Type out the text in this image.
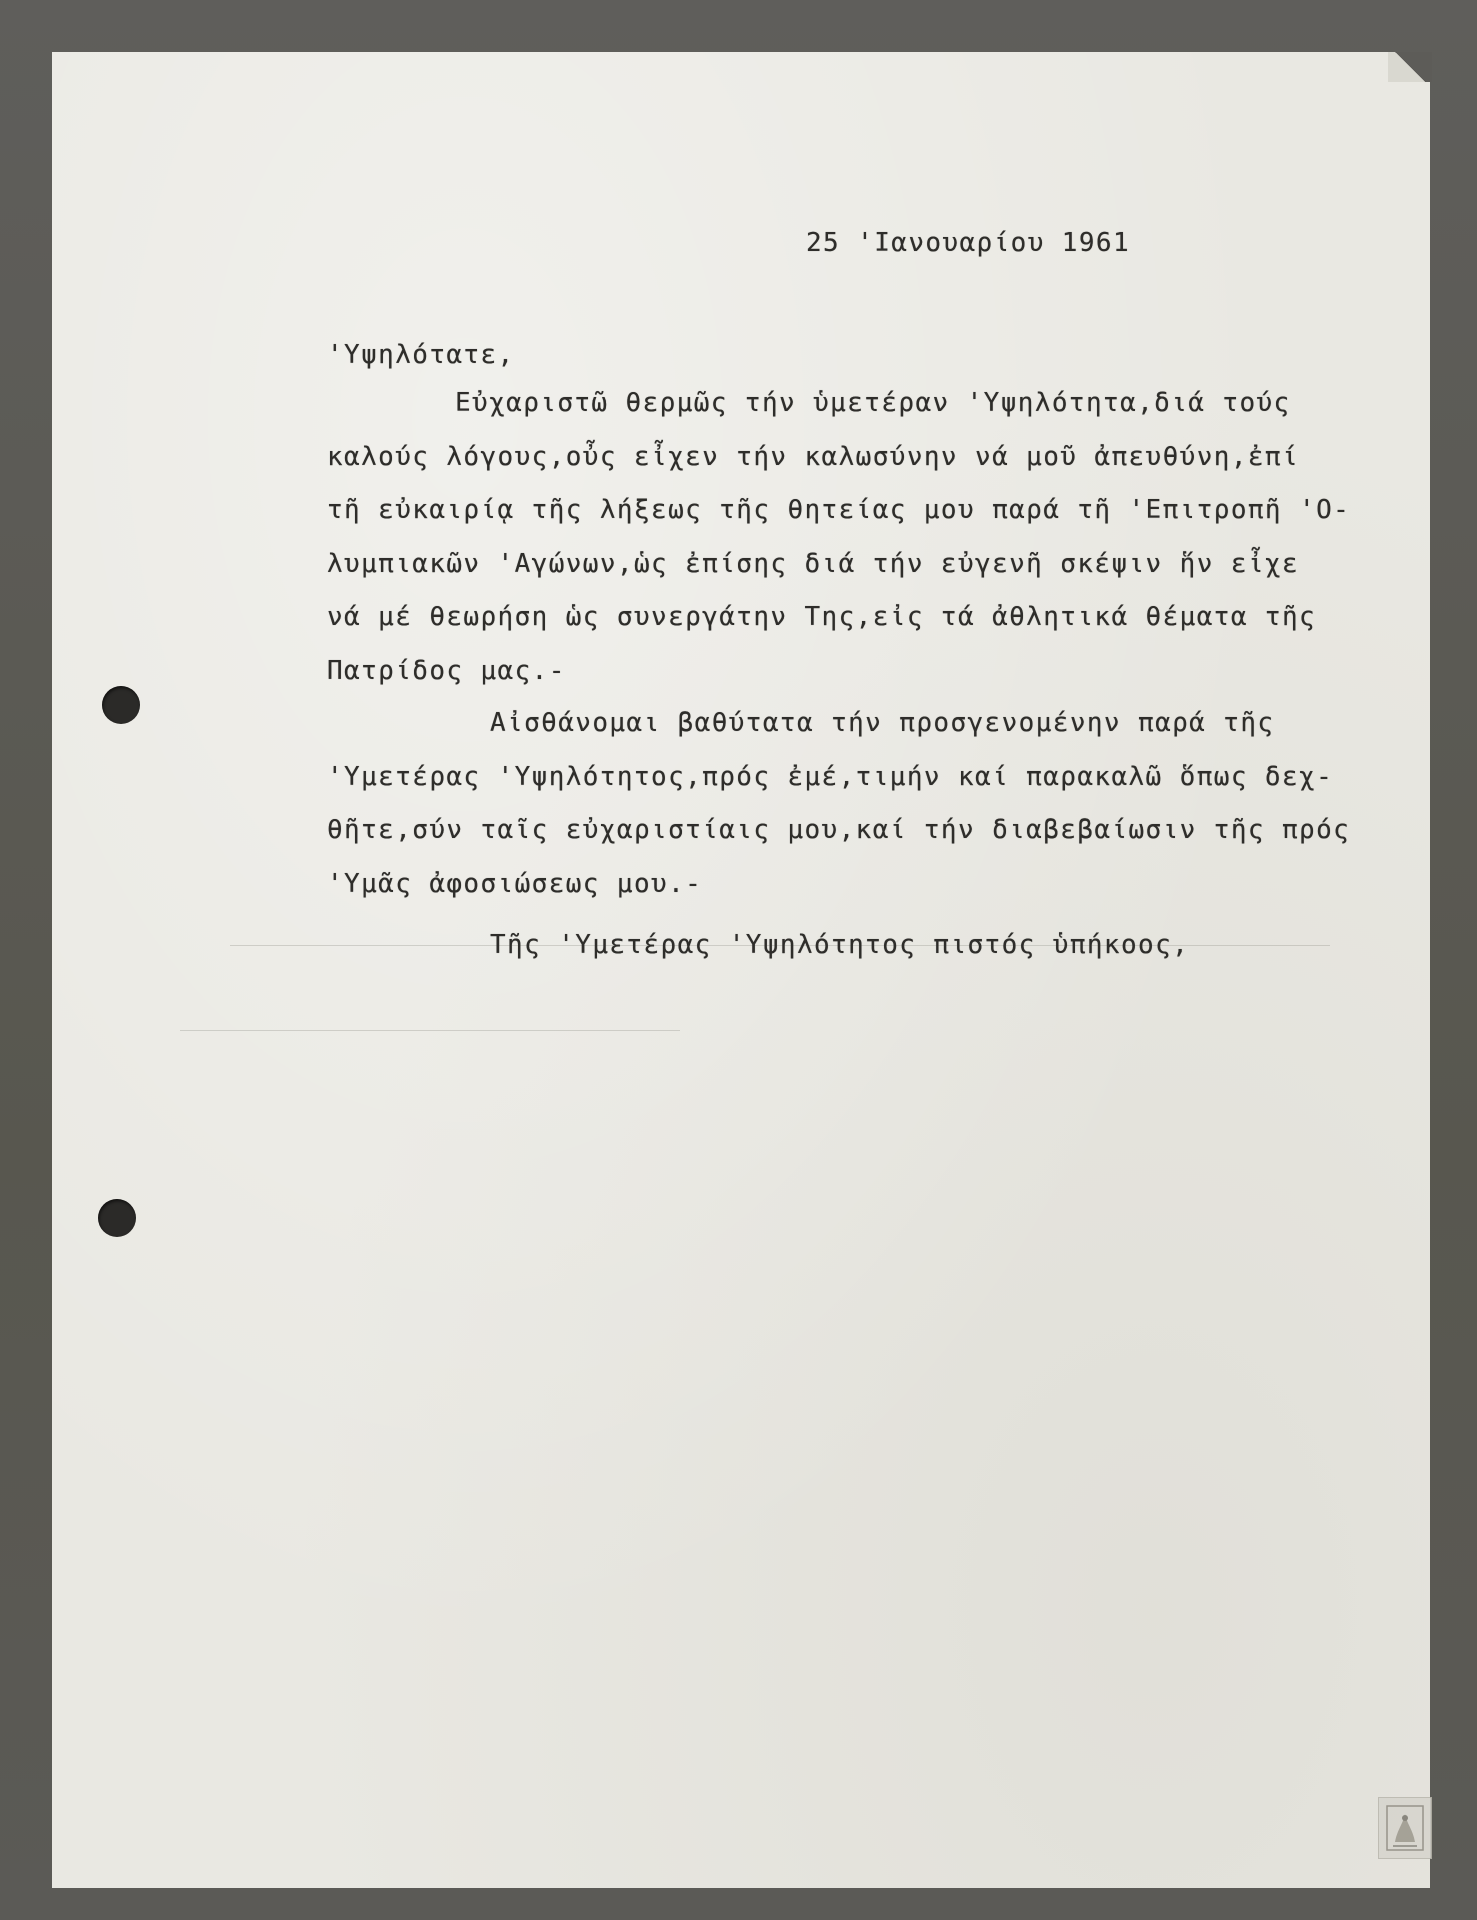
25 'Ιανουαρίου 1961
'Υψηλότατε,
Εὐχαριστῶ θερμῶς τήν ὑμετέραν 'Υψηλότητα,διά τούς
καλούς λόγους,οὖς εἶχεν τήν καλωσύνην νά μοῦ ἀπευθύνη,ἐπί
τῆ εὐκαιρίᾳ τῆς λήξεως τῆς θητείας μου παρά τῆ 'Επιτροπῆ 'Ο-
λυμπιακῶν 'Αγώνων,ὡς ἐπίσης διά τήν εὐγενῆ σκέψιν ἥν εἶχε
νά μέ θεωρήση ὡς συνεργάτην Της,εἰς τά ἀθλητικά θέματα τῆς
Πατρίδος μας.-
Αἰσθάνομαι βαθύτατα τήν προσγενομένην παρά τῆς
'Υμετέρας 'Υψηλότητος,πρός ἐμέ,τιμήν καί παρακαλῶ ὅπως δεχ-
θῆτε,σύν ταῖς εὐχαριστίαις μου,καί τήν διαβεβαίωσιν τῆς πρός
'Υμᾶς ἀφοσιώσεως μου.-
Τῆς 'Υμετέρας 'Υψηλότητος πιστός ὑπήκοος,
